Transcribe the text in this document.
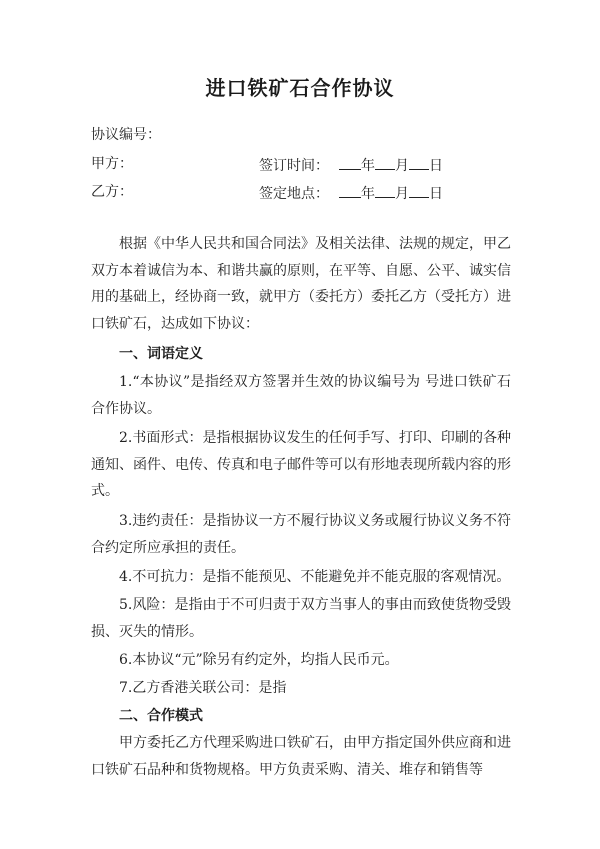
进口铁矿石合作协议
协议编号：
甲方：	签订时间： 年 月 日
乙方：	签定地点： 年 月 日
根据《中华人民共和国合同法》及相关法律、法规的规定，甲乙双方本着诚信为本、和谐共赢的原则，在平等、自愿、公平、诚实信用的基础上，经协商一致，就甲方（委托方）委托乙方（受托方）进口铁矿石，达成如下协议：
一、词语定义
1.“本协议”是指经双方签署并生效的协议编号为 号进口铁矿石合作协议。
2.书面形式：是指根据协议发生的任何手写、打印、印刷的各种通知、函件、电传、传真和电子邮件等可以有形地表现所载内容的形式。
3.违约责任：是指协议一方不履行协议义务或履行协议义务不符合约定所应承担的责任。
4.不可抗力：是指不能预见、不能避免并不能克服的客观情况。
5.风险：是指由于不可归责于双方当事人的事由而致使货物受毁损、灭失的情形。
6.本协议“元”除另有约定外，均指人民币元。
7.乙方香港关联公司：是指
二、合作模式
甲方委托乙方代理采购进口铁矿石，由甲方指定国外供应商和进口铁矿石品种和货物规格。甲方负责采购、清关、堆存和销售等
